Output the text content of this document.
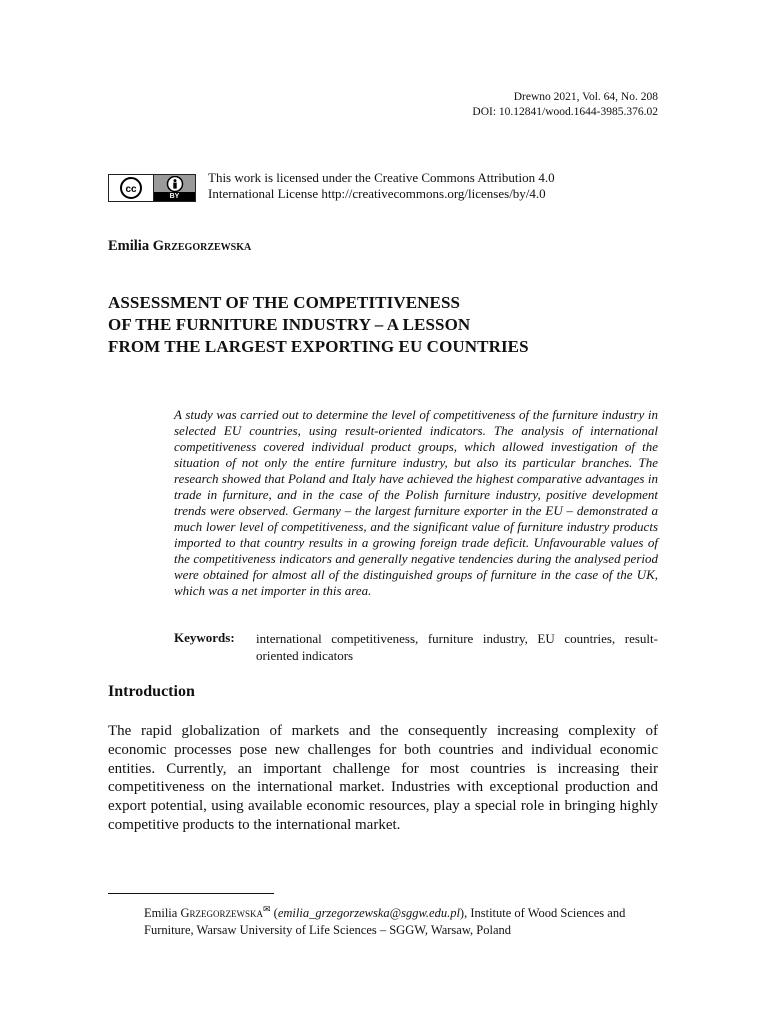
Drewno 2021, Vol. 64, No. 208
DOI: 10.12841/wood.1644-3985.376.02
cc
BY
This work is licensed under the Creative Commons Attribution 4.0
International License http://creativecommons.org/licenses/by/4.0
Emilia Grzegorzewska
ASSESSMENT OF THE COMPETITIVENESS
OF THE FURNITURE INDUSTRY – A LESSON
FROM THE LARGEST EXPORTING EU COUNTRIES
A study was carried out to determine the level of competitiveness of the furniture industry in selected EU countries, using result-oriented indicators. The analysis of international competitiveness covered individual product groups, which allowed investigation of the situation of not only the entire furniture industry, but also its particular branches. The research showed that Poland and Italy have achieved the highest comparative advantages in trade in furniture, and in the case of the Polish furniture industry, positive development trends were observed. Germany – the largest furniture exporter in the EU – demonstrated a much lower level of competitiveness, and the significant value of furniture industry products imported to that country results in a growing foreign trade deficit. Unfavourable values of the competitiveness indicators and generally negative tendencies during the analysed period were obtained for almost all of the distinguished groups of furniture in the case of the UK, which was a net importer in this area.
Keywords: international competitiveness, furniture industry, EU countries, result-oriented indicators
Introduction
The rapid globalization of markets and the consequently increasing complexity of economic processes pose new challenges for both countries and individual economic entities. Currently, an important challenge for most countries is increasing their competitiveness on the international market. Industries with exceptional production and export potential, using available economic resources, play a special role in bringing highly competitive products to the international market.
Emilia Grzegorzewska✉ (emilia_grzegorzewska@sggw.edu.pl), Institute of Wood Sciences and Furniture, Warsaw University of Life Sciences – SGGW, Warsaw, Poland
